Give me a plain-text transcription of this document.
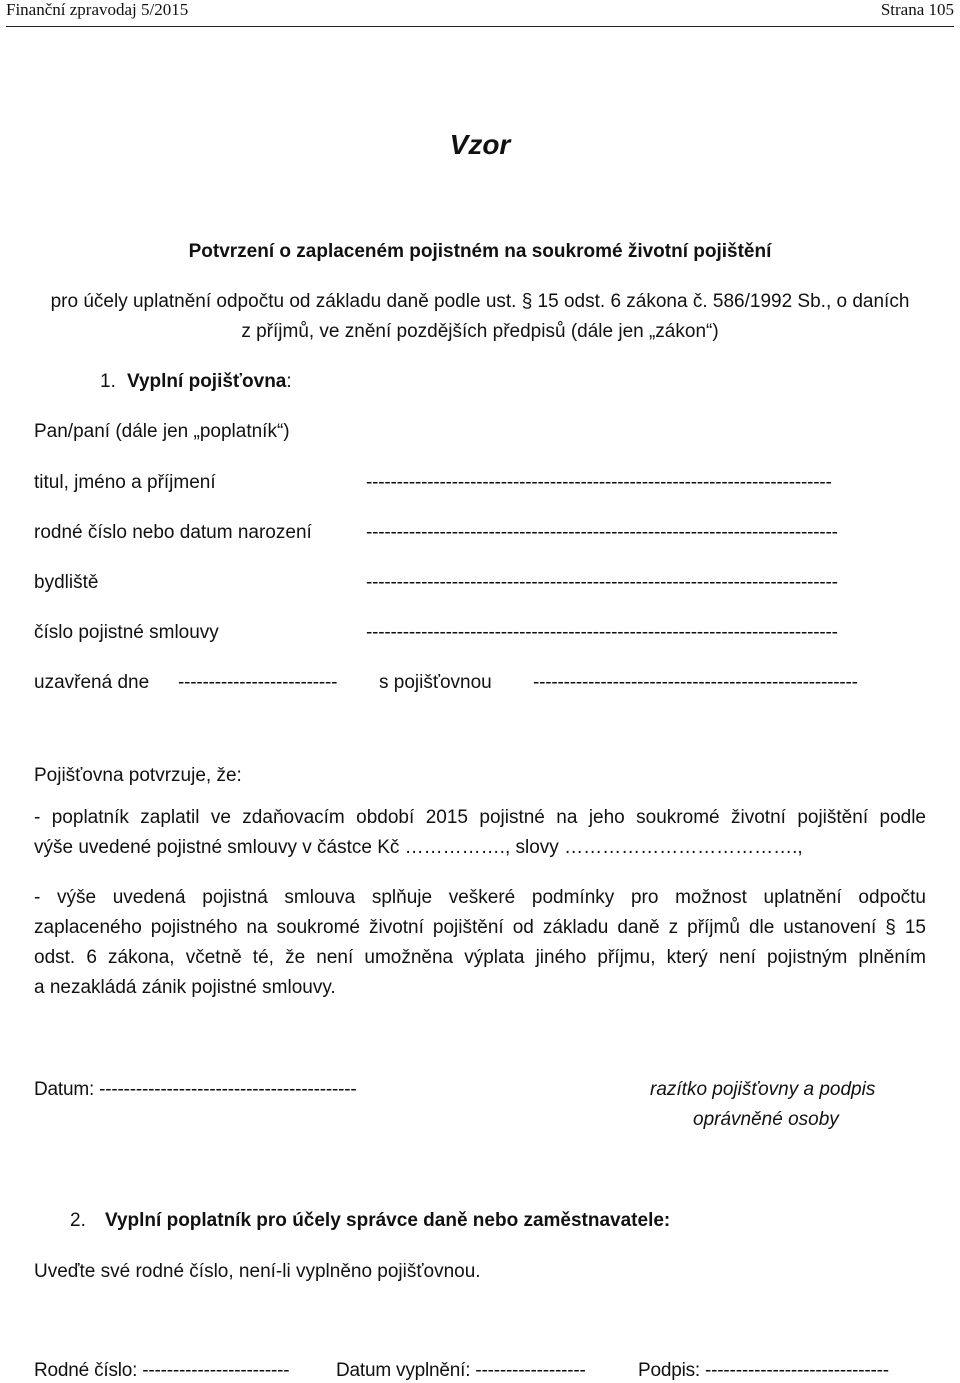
Finanční zpravodaj 5/2015	Strana 105
Vzor
Potvrzení o zaplaceném pojistném na soukromé životní pojištění
pro účely uplatnění odpočtu od základu daně podle ust. § 15 odst. 6 zákona č. 586/1992 Sb., o daních
z příjmů, ve znění pozdějších předpisů (dále jen „zákon“)
1. Vyplní pojišťovna:
Pan/paní (dále jen „poplatník“)
titul, jméno a příjmení	----------------------------------------------------------------------------
rodné číslo nebo datum narození	-----------------------------------------------------------------------------
bydliště	-----------------------------------------------------------------------------
číslo pojistné smlouvy	-----------------------------------------------------------------------------
uzavřená dne --------------------------	s pojišťovnou -----------------------------------------------------
Pojišťovna potvrzuje, že:
- poplatník zaplatil ve zdaňovacím období 2015 pojistné na jeho soukromé životní pojištění podle
výše uvedené pojistné smlouvy v částce Kč ……………., slovy ……………………………….,
- výše uvedená pojistná smlouva splňuje veškeré podmínky pro možnost uplatnění odpočtu
zaplaceného pojistného na soukromé životní pojištění od základu daně z příjmů dle ustanovení § 15
odst. 6 zákona, včetně té, že není umožněna výplata jiného příjmu, který není pojistným plněním
a nezakládá zánik pojistné smlouvy.
Datum: ------------------------------------------	razítko pojišťovny a podpis
oprávněné osoby
2. Vyplní poplatník pro účely správce daně nebo zaměstnavatele:
Uveďte své rodné číslo, není-li vyplněno pojišťovnou.
Rodné číslo: ------------------------	Datum vyplnění: ------------------	Podpis: ------------------------------
